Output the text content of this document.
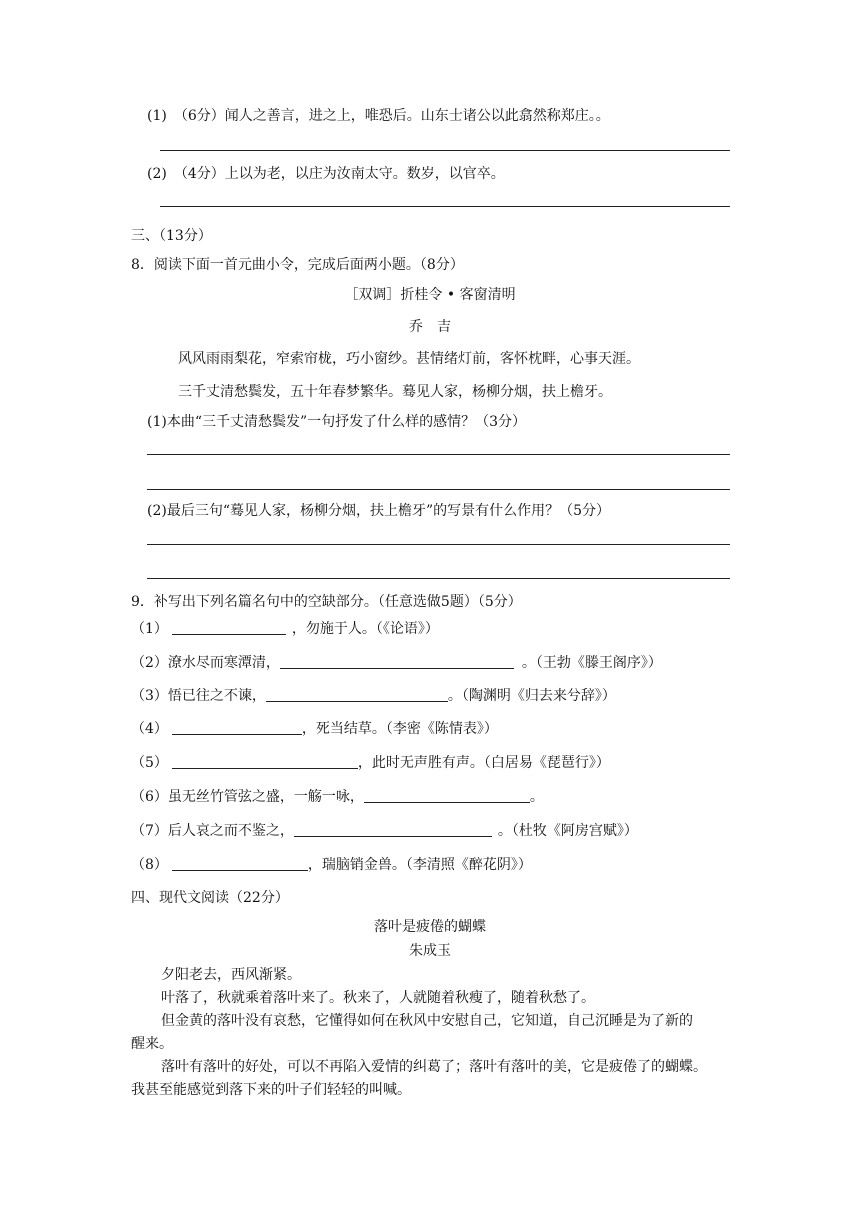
(1)　（6分）闻人之善言，进之上，唯恐后。山东士诸公以此翕然称郑庄。。
(2)　（4分）上以为老，以庄为汝南太守。数岁，以官卒。
三、（13分）
8．阅读下面一首元曲小令，完成后面两小题。（8分）
［双调］折桂令 • 客窗清明
乔　吉
风风雨雨梨花，窄索帘栊，巧小窗纱。甚情绪灯前，客怀枕畔，心事天涯。
三千丈清愁鬓发，五十年春梦繁华。蓦见人家，杨柳分烟，扶上檐牙。
(1)本曲“三千丈清愁鬓发”一句抒发了什么样的感情？（3分）
(2)最后三句“蓦见人家，杨柳分烟，扶上檐牙”的写景有什么作用？（5分）
9．补写出下列名篇名句中的空缺部分。（任意选做5题）（5分）
（1）	，勿施于人。（《论语》）
（2）潦水尽而寒潭清，	。（王勃《滕王阁序》）
（3）悟已往之不谏，	。（陶渊明《归去来兮辞》）
（4）	，死当结草。（李密《陈情表》）
（5）	，此时无声胜有声。（白居易《琵琶行》）
（6）虽无丝竹管弦之盛，一觞一咏，	。
（7）后人哀之而不鉴之，	。（杜牧《阿房宫赋》）
（8）	，瑞脑销金兽。（李清照《醉花阴》）
四、现代文阅读（22分）
落叶是疲倦的蝴蝶
朱成玉
夕阳老去，西风渐紧。
叶落了，秋就乘着落叶来了。秋来了，人就随着秋瘦了，随着秋愁了。
但金黄的落叶没有哀愁，它懂得如何在秋风中安慰自己，它知道，自己沉睡是为了新的
醒来。
落叶有落叶的好处，可以不再陷入爱情的纠葛了；落叶有落叶的美，它是疲倦了的蝴蝶。
我甚至能感觉到落下来的叶子们轻轻的叫喊。
